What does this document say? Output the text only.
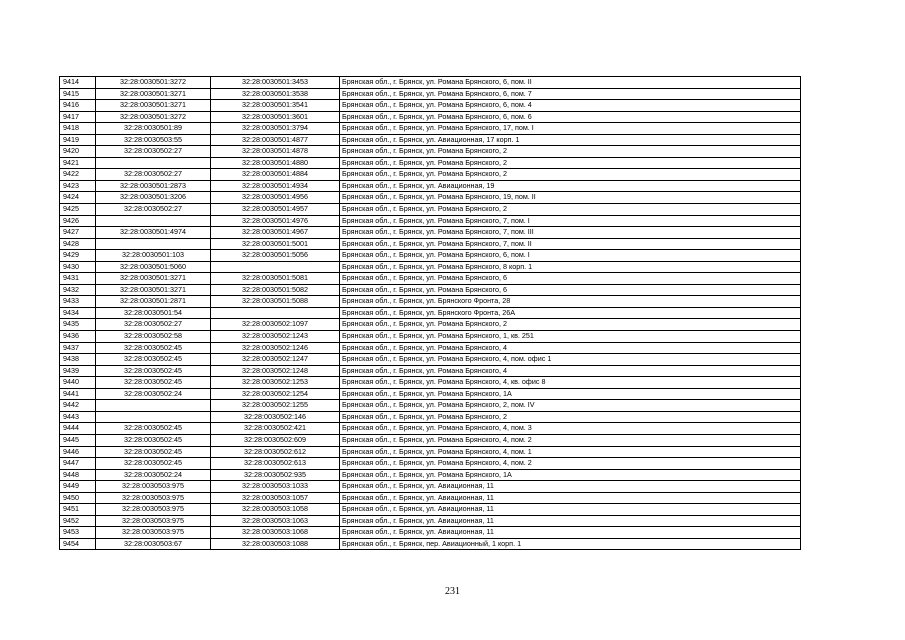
9414	32:28:0030501:3272	32:28:0030501:3453	Брянская обл., г. Брянск, ул. Романа Брянского, 6, пом. II
9415	32:28:0030501:3271	32:28:0030501:3538	Брянская обл., г. Брянск, ул. Романа Брянского, 6, пом. 7
9416	32:28:0030501:3271	32:28:0030501:3541	Брянская обл., г. Брянск, ул. Романа Брянского, 6, пом. 4
9417	32:28:0030501:3272	32:28:0030501:3601	Брянская обл., г. Брянск, ул. Романа Брянского, 6, пом. 6
9418	32:28:0030501:89	32:28:0030501:3794	Брянская обл., г. Брянск, ул. Романа Брянского, 17, пом. I
9419	32:28:0030503:55	32:28:0030501:4877	Брянская обл., г. Брянск, ул. Авиационная, 17 корп. 1
9420	32:28:0030502:27	32:28:0030501:4878	Брянская обл., г. Брянск, ул. Романа Брянского, 2
9421		32:28:0030501:4880	Брянская обл., г. Брянск, ул. Романа Брянского, 2
9422	32:28:0030502:27	32:28:0030501:4884	Брянская обл., г. Брянск, ул. Романа Брянского, 2
9423	32:28:0030501:2873	32:28:0030501:4934	Брянская обл., г. Брянск, ул. Авиационная, 19
9424	32:28:0030501:3206	32:28:0030501:4956	Брянская обл., г. Брянск, ул. Романа Брянского, 19, пом. II
9425	32:28:0030502:27	32:28:0030501:4957	Брянская обл., г. Брянск, ул. Романа Брянского, 2
9426		32:28:0030501:4976	Брянская обл., г. Брянск, ул. Романа Брянского, 7, пом. I
9427	32:28:0030501:4974	32:28:0030501:4967	Брянская обл., г. Брянск, ул. Романа Брянского, 7, пом. III
9428		32:28:0030501:5001	Брянская обл., г. Брянск, ул. Романа Брянского, 7, пом. II
9429	32:28:0030501:103	32:28:0030501:5056	Брянская обл., г. Брянск, ул. Романа Брянского, 6, пом. I
9430	32:28:0030501:5060		Брянская обл., г. Брянск, ул. Романа Брянского, 8 корп. 1
9431	32:28:0030501:3271	32:28:0030501:5081	Брянская обл., г. Брянск, ул. Романа Брянского, 6
9432	32:28:0030501:3271	32:28:0030501:5082	Брянская обл., г. Брянск, ул. Романа Брянского, 6
9433	32:28:0030501:2871	32:28:0030501:5088	Брянская обл., г. Брянск, ул. Брянского Фронта, 28
9434	32:28:0030501:54		Брянская обл., г. Брянск, ул. Брянского Фронта, 26А
9435	32:28:0030502:27	32:28:0030502:1097	Брянская обл., г. Брянск, ул. Романа Брянского, 2
9436	32:28:0030502:58	32:28:0030502:1243	Брянская обл., г. Брянск, ул. Романа Брянского, 1, кв. 251
9437	32:28:0030502:45	32:28:0030502:1246	Брянская обл., г. Брянск, ул. Романа Брянского, 4
9438	32:28:0030502:45	32:28:0030502:1247	Брянская обл., г. Брянск, ул. Романа Брянского, 4, пом. офис 1
9439	32:28:0030502:45	32:28:0030502:1248	Брянская обл., г. Брянск, ул. Романа Брянского, 4
9440	32:28:0030502:45	32:28:0030502:1253	Брянская обл., г. Брянск, ул. Романа Брянского, 4, кв. офис 8
9441	32:28:0030502:24	32:28:0030502:1254	Брянская обл., г. Брянск, ул. Романа Брянского, 1А
9442		32:28:0030502:1255	Брянская обл., г. Брянск, ул. Романа Брянского, 2, пом. IV
9443		32:28:0030502:146	Брянская обл., г. Брянск, ул. Романа Брянского, 2
9444	32:28:0030502:45	32:28:0030502:421	Брянская обл., г. Брянск, ул. Романа Брянского, 4, пом. 3
9445	32:28:0030502:45	32:28:0030502:609	Брянская обл., г. Брянск, ул. Романа Брянского, 4, пом. 2
9446	32:28:0030502:45	32:28:0030502:612	Брянская обл., г. Брянск, ул. Романа Брянского, 4, пом. 1
9447	32:28:0030502:45	32:28:0030502:613	Брянская обл., г. Брянск, ул. Романа Брянского, 4, пом. 2
9448	32:28:0030502:24	32:28:0030502:935	Брянская обл., г. Брянск, ул. Романа Брянского, 1А
9449	32:28:0030503:975	32:28:0030503:1033	Брянская обл., г. Брянск, ул. Авиационная, 11
9450	32:28:0030503:975	32:28:0030503:1057	Брянская обл., г. Брянск, ул. Авиационная, 11
9451	32:28:0030503:975	32:28:0030503:1058	Брянская обл., г. Брянск, ул. Авиационная, 11
9452	32:28:0030503:975	32:28:0030503:1063	Брянская обл., г. Брянск, ул. Авиационная, 11
9453	32:28:0030503:975	32:28:0030503:1068	Брянская обл., г. Брянск, ул. Авиационная, 11
9454	32:28:0030503:67	32:28:0030503:1088	Брянская обл., г. Брянск, пер. Авиационный, 1 корп. 1
231
